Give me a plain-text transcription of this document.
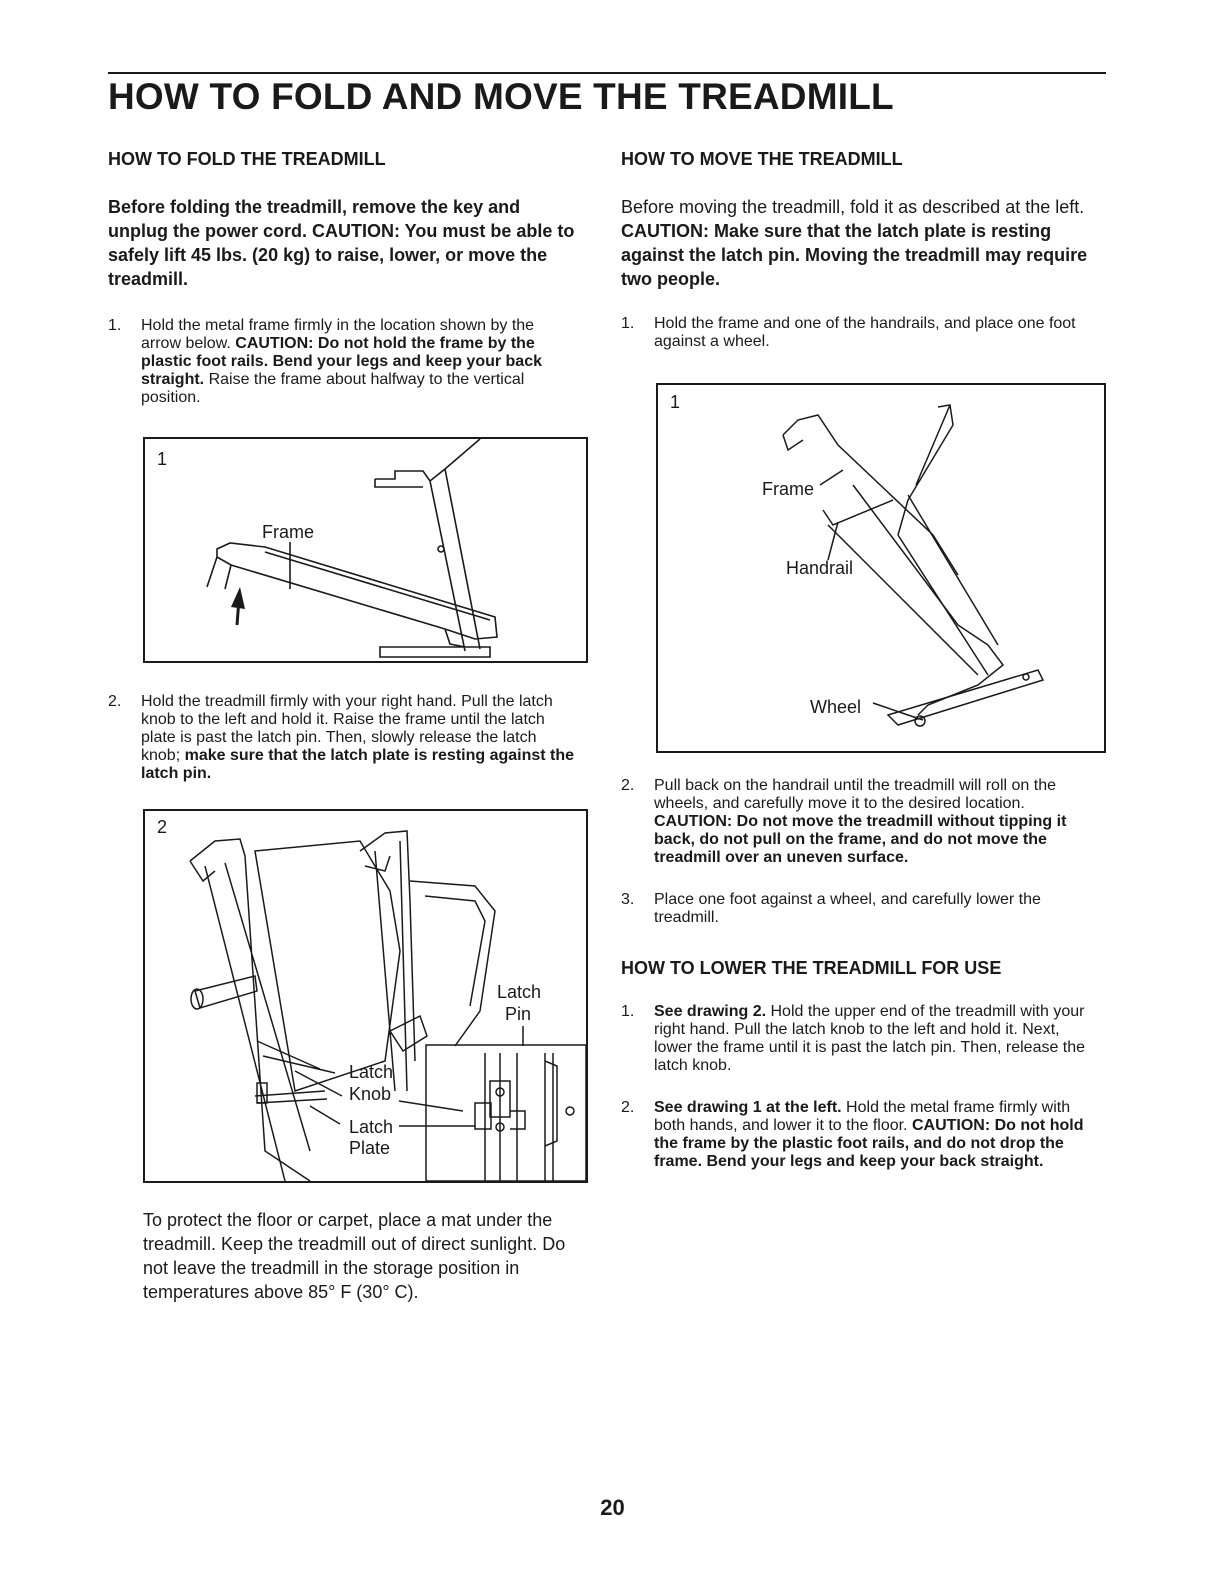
HOW TO FOLD AND MOVE THE TREADMILL
HOW TO FOLD THE TREADMILL

Before folding the treadmill, remove the key and unplug the power cord. CAUTION: You must be able to safely lift 45 lbs. (20 kg) to raise, lower, or move the treadmill.

1.	Hold the metal frame firmly in the location shown by the arrow below. CAUTION: Do not hold the frame by the plastic foot rails. Bend your legs and keep your back straight. Raise the frame about halfway to the vertical position.
1
Frame
2.	Hold the treadmill firmly with your right hand. Pull the latch knob to the left and hold it. Raise the frame until the latch plate is past the latch pin. Then, slowly release the latch knob; make sure that the latch plate is resting against the latch pin.
2
Latch
Pin
Latch
Knob
Latch
Plate

To protect the floor or carpet, place a mat under the treadmill. Keep the treadmill out of direct sunlight. Do not leave the treadmill in the storage position in temperatures above 85° F (30° C).

HOW TO MOVE THE TREADMILL

Before moving the treadmill, fold it as described at the left. CAUTION: Make sure that the latch plate is resting against the latch pin. Moving the treadmill may require two people.

1.	Hold the frame and one of the handrails, and place one foot against a wheel.
1
Frame
Handrail
Wheel
2.	Pull back on the handrail until the treadmill will roll on the wheels, and carefully move it to the desired location. CAUTION: Do not move the treadmill without tipping it back, do not pull on the frame, and do not move the treadmill over an uneven surface.
3.	Place one foot against a wheel, and carefully lower the treadmill.
HOW TO LOWER THE TREADMILL FOR USE
1.	See drawing 2. Hold the upper end of the treadmill with your right hand. Pull the latch knob to the left and hold it. Next, lower the frame until it is past the latch pin. Then, release the latch knob.
2.	See drawing 1 at the left. Hold the metal frame firmly with both hands, and lower it to the floor. CAUTION: Do not hold the frame by the plastic foot rails, and do not drop the frame. Bend your legs and keep your back straight.
20
